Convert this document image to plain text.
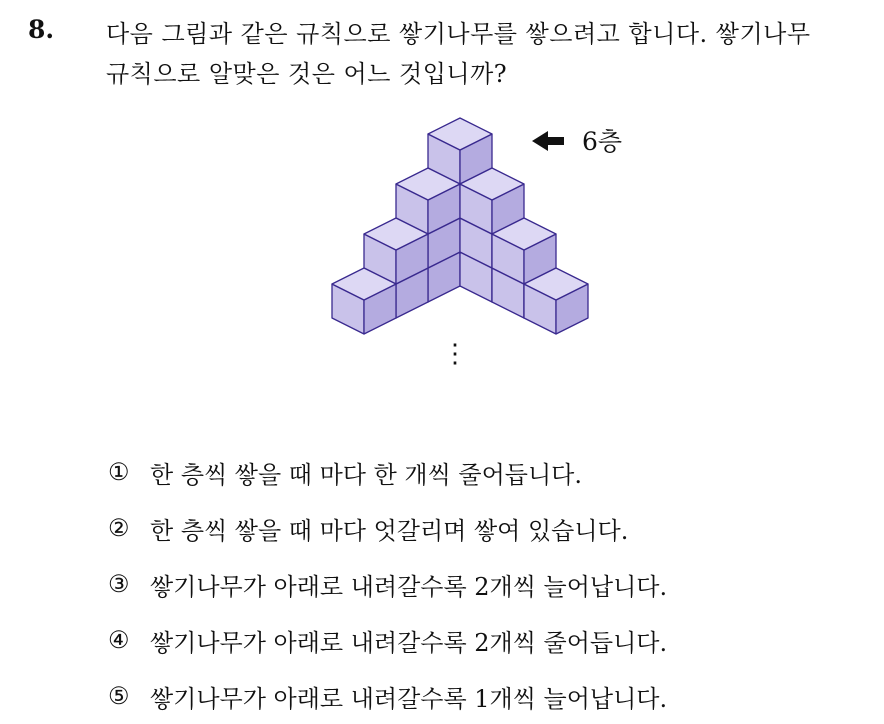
8. 다음 그림과 같은 규칙으로 쌓기나무를 쌓으려고 합니다. 쌓기나무
규칙으로 알맞은 것은 어느 것입니까?
6층
⋮
① 한 층씩 쌓을 때 마다 한 개씩 줄어듭니다.
② 한 층씩 쌓을 때 마다 엇갈리며 쌓여 있습니다.
③ 쌓기나무가 아래로 내려갈수록 2개씩 늘어납니다.
④ 쌓기나무가 아래로 내려갈수록 2개씩 줄어듭니다.
⑤ 쌓기나무가 아래로 내려갈수록 1개씩 늘어납니다.
